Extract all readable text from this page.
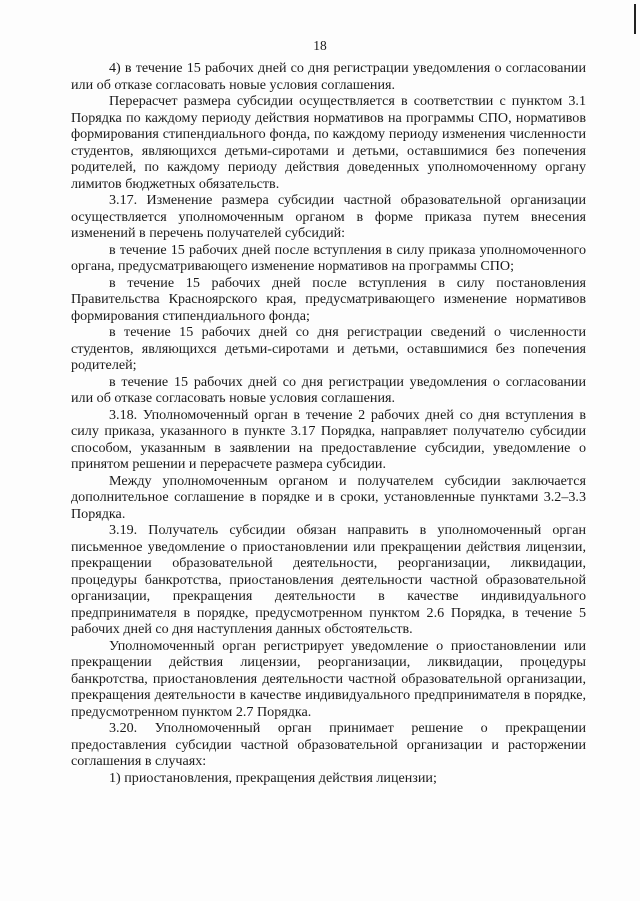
18

4) в течение 15 рабочих дней со дня регистрации уведомления о согласовании или об отказе согласовать новые условия соглашения.

Перерасчет размера субсидии осуществляется в соответствии с пунктом 3.1 Порядка по каждому периоду действия нормативов на программы СПО, нормативов формирования стипендиального фонда, по каждому периоду изменения численности студентов, являющихся детьми-сиротами и детьми, оставшимися без попечения родителей, по каждому периоду действия доведенных уполномоченному органу лимитов бюджетных обязательств.

3.17. Изменение размера субсидии частной образовательной организации осуществляется уполномоченным органом в форме приказа путем внесения изменений в перечень получателей субсидий:

в течение 15 рабочих дней после вступления в силу приказа уполномоченного органа, предусматривающего изменение нормативов на программы СПО;

в течение 15 рабочих дней после вступления в силу постановления Правительства Красноярского края, предусматривающего изменение нормативов формирования стипендиального фонда;

в течение 15 рабочих дней со дня регистрации сведений о численности студентов, являющихся детьми-сиротами и детьми, оставшимися без попечения родителей;

в течение 15 рабочих дней со дня регистрации уведомления о согласовании или об отказе согласовать новые условия соглашения.

3.18. Уполномоченный орган в течение 2 рабочих дней со дня вступления в силу приказа, указанного в пункте 3.17 Порядка, направляет получателю субсидии способом, указанным в заявлении на предоставление субсидии, уведомление о принятом решении и перерасчете размера субсидии.

Между уполномоченным органом и получателем субсидии заключается дополнительное соглашение в порядке и в сроки, установленные пунктами 3.2–3.3 Порядка.

3.19. Получатель субсидии обязан направить в уполномоченный орган письменное уведомление о приостановлении или прекращении действия лицензии, прекращении образовательной деятельности, реорганизации, ликвидации, процедуры банкротства, приостановления деятельности частной образовательной организации, прекращения деятельности в качестве индивидуального предпринимателя в порядке, предусмотренном пунктом 2.6 Порядка, в течение 5 рабочих дней со дня наступления данных обстоятельств.

Уполномоченный орган регистрирует уведомление о приостановлении или прекращении действия лицензии, реорганизации, ликвидации, процедуры банкротства, приостановления деятельности частной образовательной организации, прекращения деятельности в качестве индивидуального предпринимателя в порядке, предусмотренном пунктом 2.7 Порядка.

3.20. Уполномоченный орган принимает решение о прекращении предоставления субсидии частной образовательной организации и расторжении соглашения в случаях:

1) приостановления, прекращения действия лицензии;
